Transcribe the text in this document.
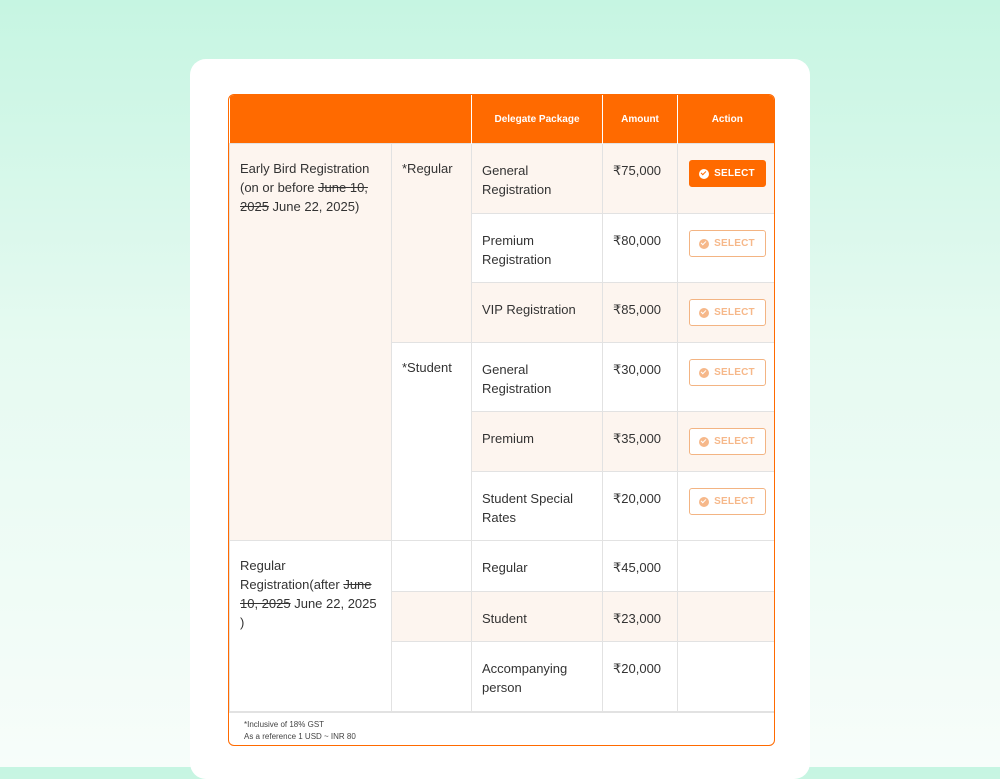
		Delegate Package	Amount	Action
Early Bird Registration (on or before June 10, 2025 June 22, 2025)	*Regular	General Registration	₹75,000	SELECT

		Premium Registration	₹80,000	SELECT

		VIP Registration	₹85,000	SELECT

	*Student	General Registration	₹30,000	SELECT

		Premium	₹35,000	SELECT

		Student Special Rates	₹20,000	SELECT

Regular Registration(after June 10, 2025 June 22, 2025 )		Regular	₹45,000	
		Student	₹23,000	
		Accompanying person	₹20,000	
*Inclusive of 18% GST
As a reference 1 USD ~ INR 80
